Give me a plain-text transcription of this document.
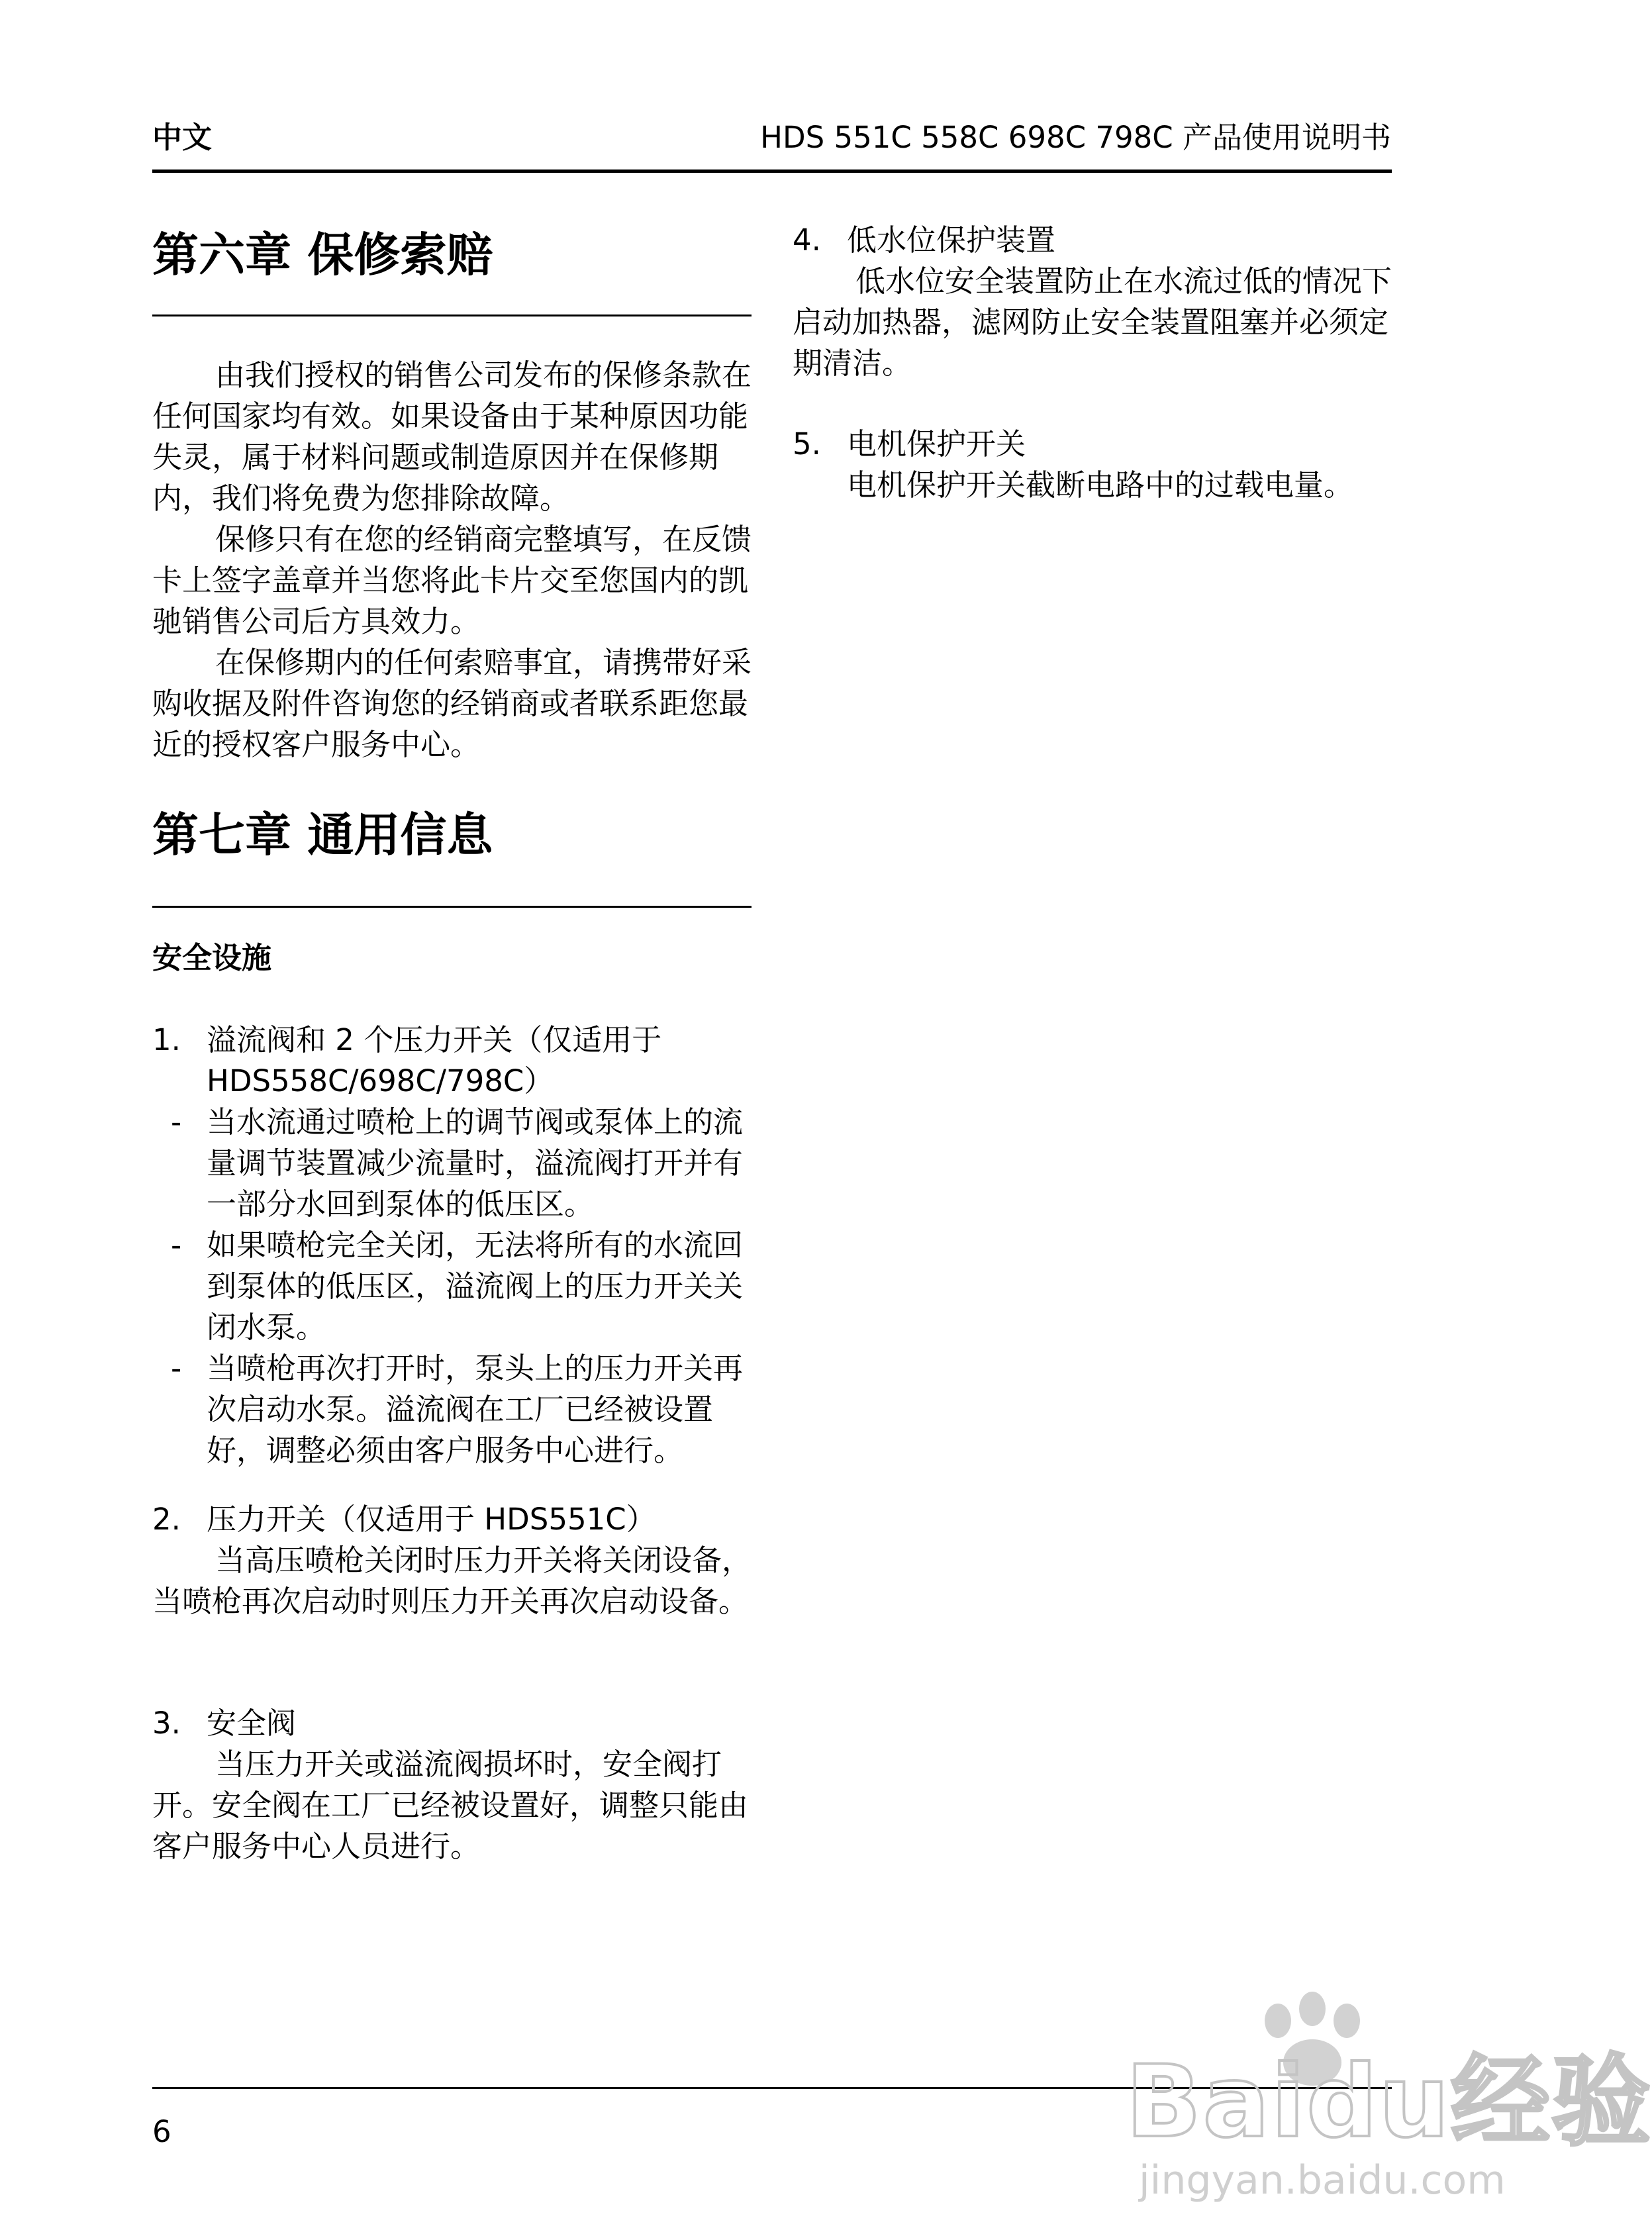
中文	HDS 551C 558C 698C 798C 产品使用说明书
第六章 保修索赔

由我们授权的销售公司发布的保修条款在任何国家均有效。如果设备由于某种原因功能失灵，属于材料问题或制造原因并在保修期内，我们将免费为您排除故障。

保修只有在您的经销商完整填写，在反馈卡上签字盖章并当您将此卡片交至您国内的凯驰销售公司后方具效力。

在保修期内的任何索赔事宜，请携带好采购收据及附件咨询您的经销商或者联系距您最近的授权客户服务中心。

第七章 通用信息
安全设施
1. 溢流阀和 2 个压力开关（仅适用于 HDS558C/698C/798C）
- 当水流通过喷枪上的调节阀或泵体上的流量调节装置减少流量时，溢流阀打开并有一部分水回到泵体的低压区。
- 如果喷枪完全关闭，无法将所有的水流回到泵体的低压区，溢流阀上的压力开关关闭水泵。
- 当喷枪再次打开时，泵头上的压力开关再次启动水泵。溢流阀在工厂已经被设置好，调整必须由客户服务中心进行。
2. 压力开关（仅适用于 HDS551C）

当高压喷枪关闭时压力开关将关闭设备，当喷枪再次启动时则压力开关再次启动设备。

3. 安全阀

当压力开关或溢流阀损坏时，安全阀打开。安全阀在工厂已经被设置好，调整只能由客户服务中心人员进行。

4. 低水位保护装置

低水位安全装置防止在水流过低的情况下启动加热器，滤网防止安全装置阻塞并必须定期清洁。

5. 电机保护开关

电机保护开关截断电路中的过载电量。

6	Baidu经验
jingyan.baidu.com
